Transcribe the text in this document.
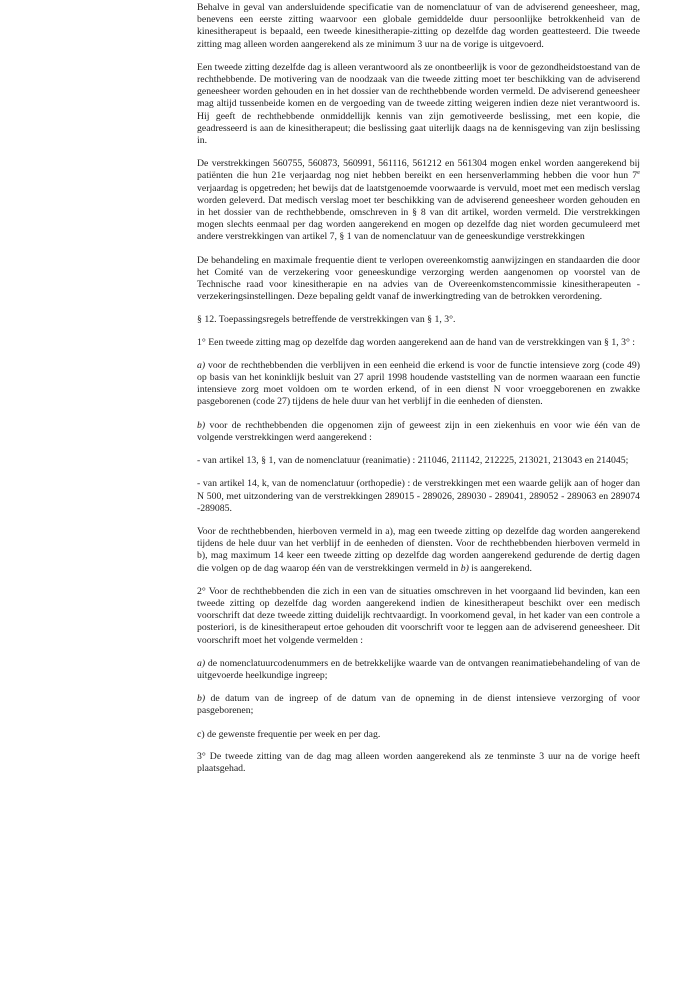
Behalve in geval van andersluidende specificatie van de nomenclatuur of van de adviserend geneesheer, mag, benevens een eerste zitting waarvoor een globale gemiddelde duur persoonlijke betrokkenheid van de kinesitherapeut is bepaald, een tweede kinesitherapie-zitting op dezelfde dag worden geattesteerd. Die tweede zitting mag alleen worden aangerekend als ze minimum 3 uur na de vorige is uitgevoerd.

Een tweede zitting dezelfde dag is alleen verantwoord als ze onontbeerlijk is voor de gezondheidstoestand van de rechthebbende. De motivering van de noodzaak van die tweede zitting moet ter beschikking van de adviserend geneesheer worden gehouden en in het dossier van de rechthebbende worden vermeld. De adviserend geneesheer mag altijd tussenbeide komen en de vergoeding van de tweede zitting weigeren indien deze niet verantwoord is. Hij geeft de rechthebbende onmiddellijk kennis van zijn gemotiveerde beslissing, met een kopie, die geadresseerd is aan de kinesitherapeut; die beslissing gaat uiterlijk daags na de kennisgeving van zijn beslissing in.

De verstrekkingen 560755, 560873, 560991, 561116, 561212 en 561304 mogen enkel worden aangerekend bij patiënten die hun 21e verjaardag nog niet hebben bereikt en een hersenverlamming hebben die voor hun 7e verjaardag is opgetreden; het bewijs dat de laatstgenoemde voorwaarde is vervuld, moet met een medisch verslag worden geleverd. Dat medisch verslag moet ter beschikking van de adviserend geneesheer worden gehouden en in het dossier van de rechthebbende, omschreven in § 8 van dit artikel, worden vermeld. Die verstrekkingen mogen slechts eenmaal per dag worden aangerekend en mogen op dezelfde dag niet worden gecumuleerd met andere verstrekkingen van artikel 7, § 1 van de nomenclatuur van de geneeskundige verstrekkingen

De behandeling en maximale frequentie dient te verlopen overeenkomstig aanwijzingen en standaarden die door het Comité van de verzekering voor geneeskundige verzorging werden aangenomen op voorstel van de Technische raad voor kinesitherapie en na advies van de Overeenkomstencommissie kinesitherapeuten - verzekeringsinstellingen. Deze bepaling geldt vanaf de inwerkingtreding van de betrokken verordening.

§ 12. Toepassingsregels betreffende de verstrekkingen van § 1, 3°.

1° Een tweede zitting mag op dezelfde dag worden aangerekend aan de hand van de verstrekkingen van § 1, 3° :

a) voor de rechthebbenden die verblijven in een eenheid die erkend is voor de functie intensieve zorg (code 49) op basis van het koninklijk besluit van 27 april 1998 houdende vaststelling van de normen waaraan een functie intensieve zorg moet voldoen om te worden erkend, of in een dienst N voor vroeggeborenen en zwakke pasgeborenen (code 27) tijdens de hele duur van het verblijf in die eenheden of diensten.

b) voor de rechthebbenden die opgenomen zijn of geweest zijn in een ziekenhuis en voor wie één van de volgende verstrekkingen werd aangerekend :

- van artikel 13, § 1, van de nomenclatuur (reanimatie) : 211046, 211142, 212225, 213021, 213043 en 214045;

- van artikel 14, k, van de nomenclatuur (orthopedie) : de verstrekkingen met een waarde gelijk aan of hoger dan N 500, met uitzondering van de verstrekkingen 289015 - 289026, 289030 - 289041, 289052 - 289063 en 289074 -289085.

Voor de rechthebbenden, hierboven vermeld in a), mag een tweede zitting op dezelfde dag worden aangerekend tijdens de hele duur van het verblijf in de eenheden of diensten. Voor de rechthebbenden hierboven vermeld in b), mag maximum 14 keer een tweede zitting op dezelfde dag worden aangerekend gedurende de dertig dagen die volgen op de dag waarop één van de verstrekkingen vermeld in b) is aangerekend.

2° Voor de rechthebbenden die zich in een van de situaties omschreven in het voorgaand lid bevinden, kan een tweede zitting op dezelfde dag worden aangerekend indien de kinesitherapeut beschikt over een medisch voorschrift dat deze tweede zitting duidelijk rechtvaardigt. In voorkomend geval, in het kader van een controle a posteriori, is de kinesitherapeut ertoe gehouden dit voorschrift voor te leggen aan de adviserend geneesheer. Dit voorschrift moet het volgende vermelden :

a) de nomenclatuurcodenummers en de betrekkelijke waarde van de ontvangen reanimatiebehandeling of van de uitgevoerde heelkundige ingreep;

b) de datum van de ingreep of de datum van de opneming in de dienst intensieve verzorging of voor pasgeborenen;

c) de gewenste frequentie per week en per dag.

3° De tweede zitting van de dag mag alleen worden aangerekend als ze tenminste 3 uur na de vorige heeft plaatsgehad.
